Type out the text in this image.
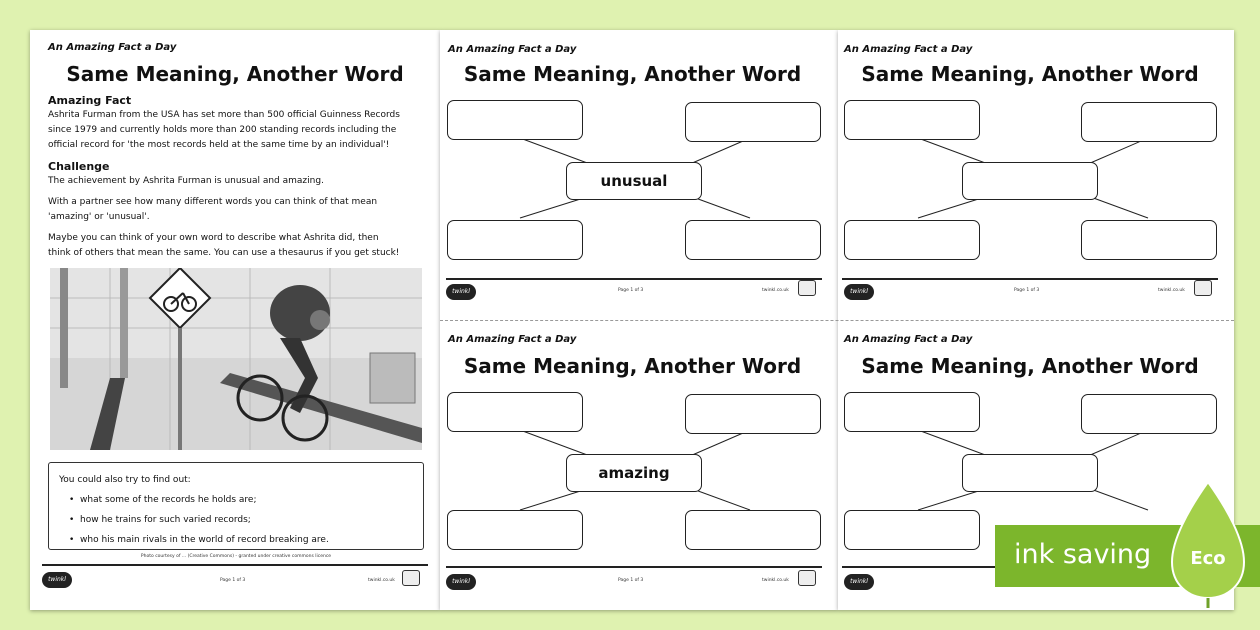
An Amazing Fact a Day
Same Meaning, Another Word
Amazing Fact
Ashrita Furman from the USA has set more than 500 official Guinness Records
since 1979 and currently holds more than 200 standing records including the
official record for 'the most records held at the same time by an individual'!
Challenge
The achievement by Ashrita Furman is unusual and amazing.
With a partner see how many different words you can think of that mean
'amazing' or 'unusual'.
Maybe you can think of your own word to describe what Ashrita did, then
think of others that mean the same. You can use a thesaurus if you get stuck!
You could also try to find out:
•  what some of the records he holds are;
•  how he trains for such varied records;
•  who his main rivals in the world of record breaking are.
Photo courtesy of ... (Creative Commons) - granted under creative commons licence
twinkl	Page 1 of 3	twinkl.co.uk
An Amazing Fact a Day
Same Meaning, Another Word
unusual
twinkl	Page 1 of 3	twinkl.co.uk
An Amazing Fact a Day
Same Meaning, Another Word
amazing
twinkl	Page 1 of 3	twinkl.co.uk
An Amazing Fact a Day
Same Meaning, Another Word
twinkl	Page 1 of 3	twinkl.co.uk
An Amazing Fact a Day
Same Meaning, Another Word
twinkl
ink saving Eco
